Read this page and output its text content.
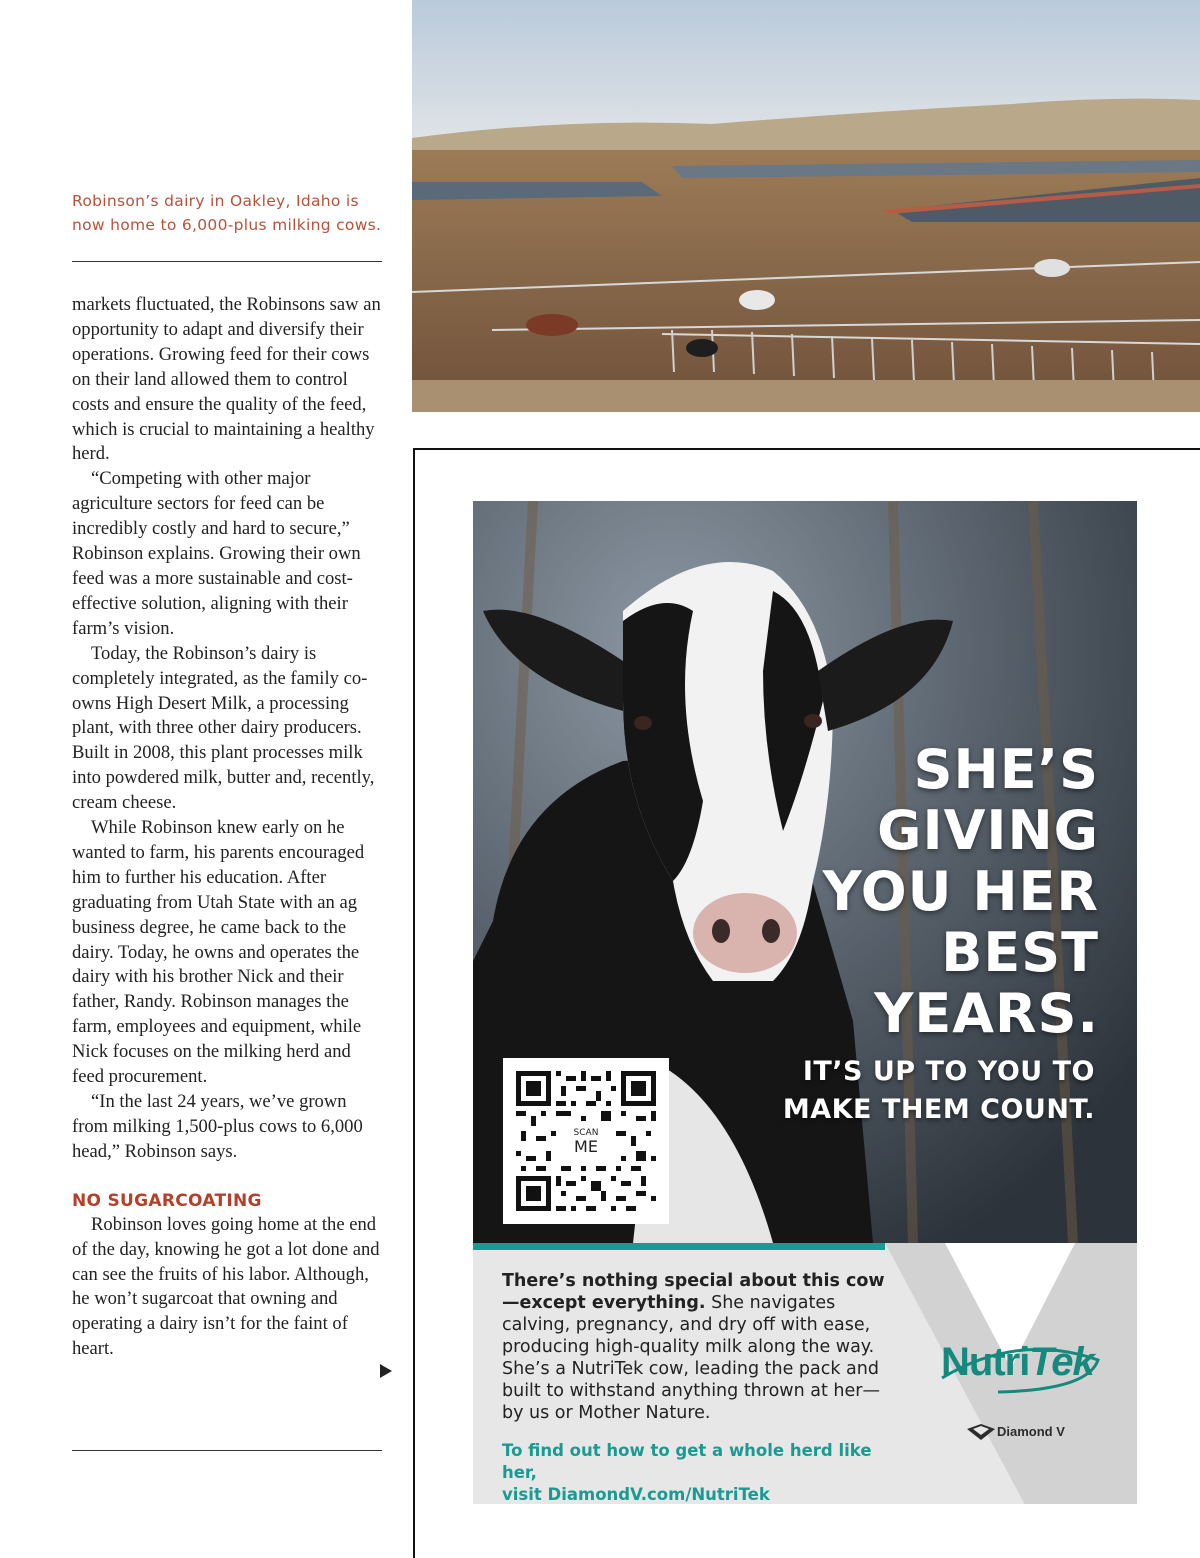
Robinson’s dairy in Oakley, Idaho is now home to 6,000-plus milking cows.

markets fluctuated, the Robinsons saw an opportunity to adapt and diversify their operations. Growing feed for their cows on their land allowed them to control costs and ensure the quality of the feed, which is crucial to maintaining a healthy herd.

“Competing with other major agriculture sectors for feed can be incredibly costly and hard to secure,” Robinson explains. Growing their own feed was a more sustainable and cost-effective solution, aligning with their farm’s vision.

Today, the Robinson’s dairy is completely integrated, as the family co-owns High Desert Milk, a processing plant, with three other dairy producers. Built in 2008, this plant processes milk into powdered milk, butter and, recently, cream cheese.

While Robinson knew early on he wanted to farm, his parents encouraged him to further his education. After graduating from Utah State with an ag business degree, he came back to the dairy. Today, he owns and operates the dairy with his brother Nick and their father, Randy. Robinson manages the farm, employees and equipment, while Nick focuses on the milking herd and feed procurement.

“In the last 24 years, we’ve grown from milking 1,500-plus cows to 6,000 head,” Robinson says.

NO SUGARCOATING

Robinson loves going home at the end of the day, knowing he got a lot done and can see the fruits of his labor. Although, he won’t sugarcoat that owning and operating a dairy isn’t for the faint of heart.

SHE’S
GIVING
YOU HER
BEST
YEARS.
IT’S UP TO YOU TO
MAKE THEM COUNT.
SCAN
ME
There’s nothing special about this cow—except everything. She navigates calving, pregnancy, and dry off with ease, producing high-quality milk along the way. She’s a NutriTek cow, leading the pack and built to withstand anything thrown at her—by us or Mother Nature.
To find out how to get a whole herd like her,
visit DiamondV.com/NutriTek
NutriTek
Diamond V
